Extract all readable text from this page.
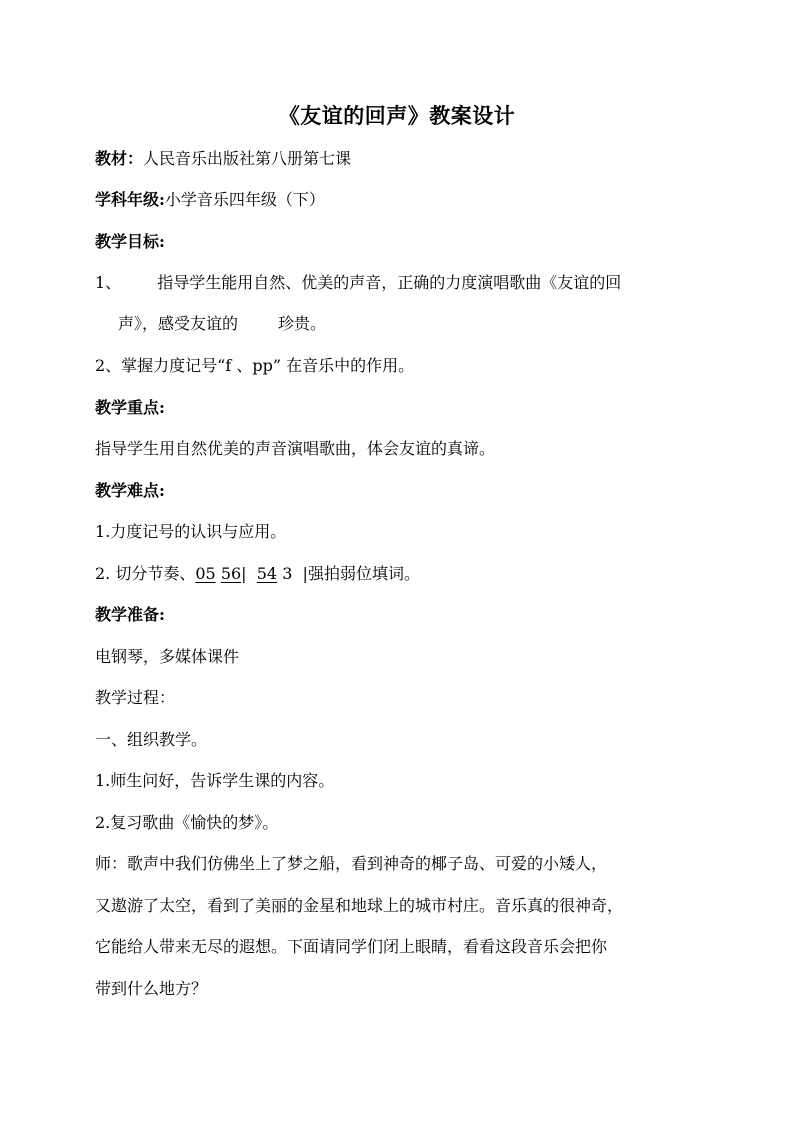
《友谊的回声》教案设计
教材：人民音乐出版社第八册第七课
学科年级:小学音乐四年级（下）
教学目标:
1、 指导学生能用自然、优美的声音，正确的力度演唱歌曲《友谊的回
声》，感受友谊的	珍贵。
2、掌握力度记号“f 、pp” 在音乐中的作用。
教学重点:
指导学生用自然优美的声音演唱歌曲，体会友谊的真谛。
教学难点:
1.力度记号的认识与应用。
2. 切分节奏、05 56| 54 3 |强拍弱位填词。
教学准备:
电钢琴，多媒体课件
教学过程：
一、组织教学。
1.师生问好，告诉学生课的内容。
2.复习歌曲《愉快的梦》。
师：歌声中我们仿佛坐上了梦之船，看到神奇的椰子岛、可爱的小矮人，
又遨游了太空，看到了美丽的金星和地球上的城市村庄。音乐真的很神奇，
它能给人带来无尽的遐想。下面请同学们闭上眼睛，看看这段音乐会把你
带到什么地方？
